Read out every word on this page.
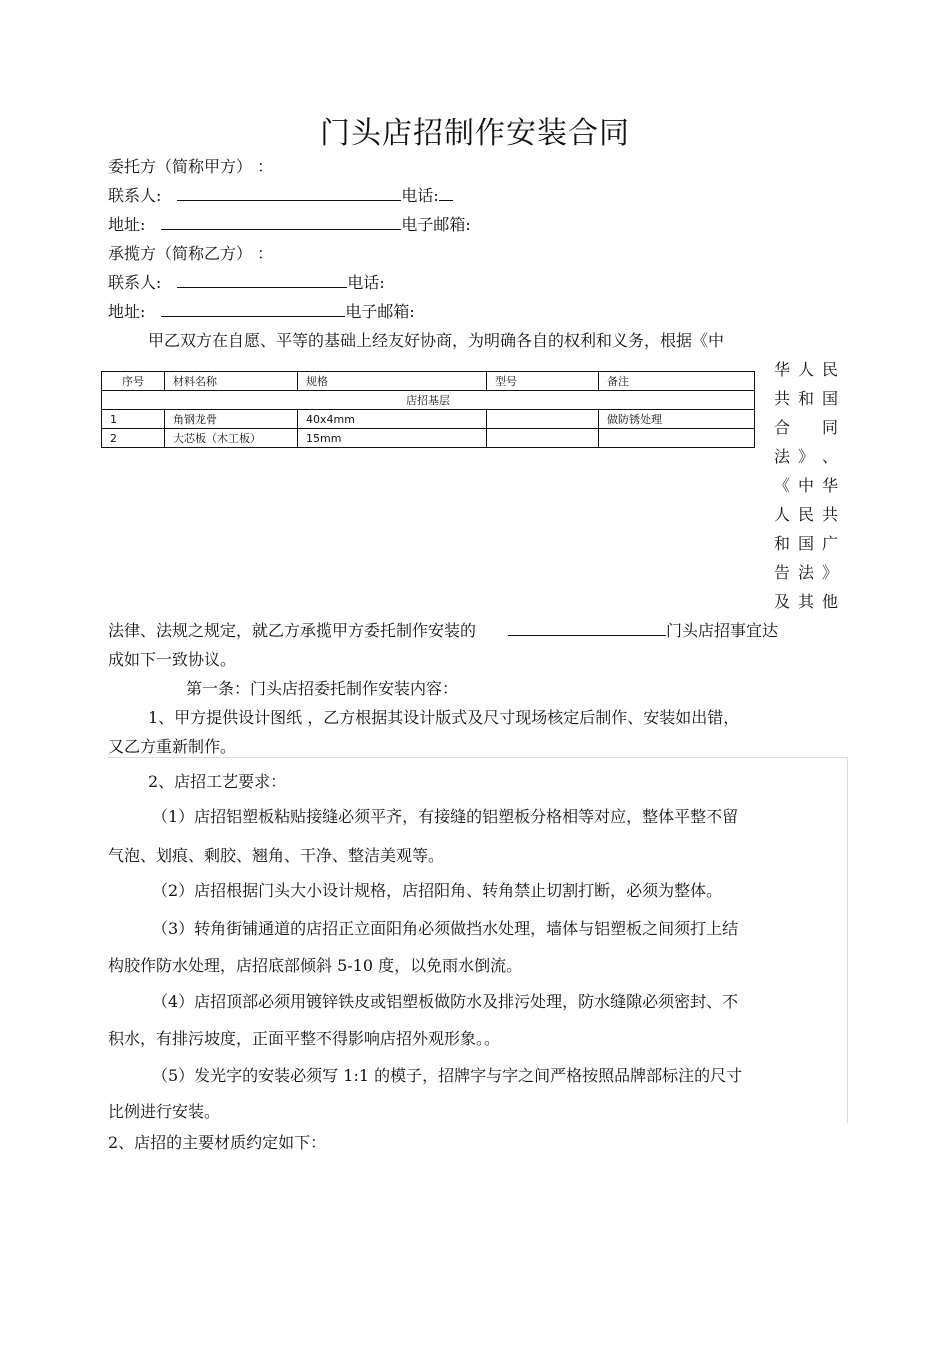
门头店招制作安装合同
委托方（简称甲方） ：
联系人:	电话:
地址:	电子邮箱:
承揽方（简称乙方） ：
联系人:	电话:
地址:	电子邮箱:
甲乙双方在自愿、平等的基础上经友好协商，为明确各自的权利和义务，根据《中
序号	材料名称	规格	型号	备注
店招基层				
1	角钢龙骨	40x4mm		做防锈处理
2	大芯板（木工板）	15mm		
华 人 民
共 和 国
合 同
法 》 、
《 中 华
人 民 共
和 国 广
告 法 》
及 其 他
法律、法规之规定，就乙方承揽甲方委托制作安装的	门头店招事宜达
成如下一致协议。
第一条：门头店招委托制作安装内容：
1、甲方提供设计图纸 ，乙方根据其设计版式及尺寸现场核定后制作、安装如出错，
又乙方重新制作。
2、店招工艺要求：
（1）店招铝塑板粘贴接缝必须平齐，有接缝的铝塑板分格相等对应，整体平整不留
气泡、划痕、剩胶、翘角、干净、整洁美观等。
（2）店招根据门头大小设计规格，店招阳角、转角禁止切割打断，必须为整体。
（3）转角街铺通道的店招正立面阳角必须做挡水处理，墙体与铝塑板之间须打上结
构胶作防水处理，店招底部倾斜 5-10 度，以免雨水倒流。
（4）店招顶部必须用镀锌铁皮或铝塑板做防水及排污处理，防水缝隙必须密封、不
积水，有排污坡度，正面平整不得影响店招外观形象。。
（5）发光字的安装必须写 1:1 的模子，招牌字与字之间严格按照品牌部标注的尺寸
比例进行安装。
2、店招的主要材质约定如下：
